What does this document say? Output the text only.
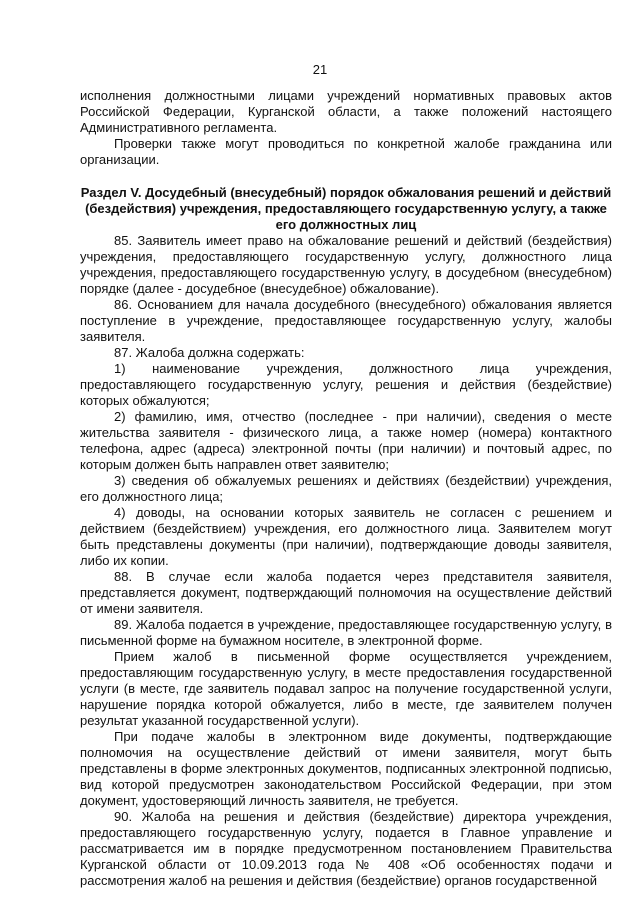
21

исполнения должностными лицами учреждений нормативных правовых актов Российской Федерации, Курганской области, а также положений настоящего Административного регламента.

Проверки также могут проводиться по конкретной жалобе гражданина или организации.

Раздел V. Досудебный (внесудебный) порядок обжалования решений и действий (бездействия) учреждения, предоставляющего государственную услугу, а также его должностных лиц

85. Заявитель имеет право на обжалование решений и действий (бездействия) учреждения, предоставляющего государственную услугу, должностного лица учреждения, предоставляющего государственную услугу, в досудебном (внесудебном) порядке (далее - досудебное (внесудебное) обжалование).

86. Основанием для начала досудебного (внесудебного) обжалования является поступление в учреждение, предоставляющее государственную услугу, жалобы заявителя.

87. Жалоба должна содержать:

1) наименование учреждения, должностного лица учреждения, предоставляющего государственную услугу, решения и действия (бездействие) которых обжалуются;

2) фамилию, имя, отчество (последнее - при наличии), сведения о месте жительства заявителя - физического лица, а также номер (номера) контактного телефона, адрес (адреса) электронной почты (при наличии) и почтовый адрес, по которым должен быть направлен ответ заявителю;

3) сведения об обжалуемых решениях и действиях (бездействии) учреждения, его должностного лица;

4) доводы, на основании которых заявитель не согласен с решением и действием (бездействием) учреждения, его должностного лица. Заявителем могут быть представлены документы (при наличии), подтверждающие доводы заявителя, либо их копии.

88. В случае если жалоба подается через представителя заявителя, представляется документ, подтверждающий полномочия на осуществление действий от имени заявителя.

89. Жалоба подается в учреждение, предоставляющее государственную услугу, в письменной форме на бумажном носителе, в электронной форме.

Прием жалоб в письменной форме осуществляется учреждением, предоставляющим государственную услугу, в месте предоставления государственной услуги (в месте, где заявитель подавал запрос на получение государственной услуги, нарушение порядка которой обжалуется, либо в месте, где заявителем получен результат указанной государственной услуги).

При подаче жалобы в электронном виде документы, подтверждающие полномочия на осуществление действий от имени заявителя, могут быть представлены в форме электронных документов, подписанных электронной подписью, вид которой предусмотрен законодательством Российской Федерации, при этом документ, удостоверяющий личность заявителя, не требуется.

90. Жалоба на решения и действия (бездействие) директора учреждения, предоставляющего государственную услугу, подается в Главное управление и рассматривается им в порядке предусмотренном постановлением Правительства Курганской области от 10.09.2013 года № 408 «Об особенностях подачи и рассмотрения жалоб на решения и действия (бездействие) органов государственной
